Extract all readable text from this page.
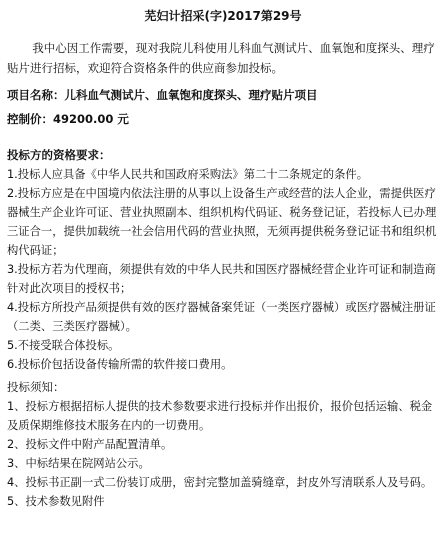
芜妇计招采(字)2017第29号
我中心因工作需要，现对我院儿科使用儿科血气测试片、血氧饱和度探头、理疗贴片进行招标，欢迎符合资格条件的供应商参加投标。
项目名称：儿科血气测试片、血氧饱和度探头、理疗贴片项目
控制价：49200.00 元
投标方的资格要求：

1.投标人应具备《中华人民共和国政府采购法》第二十二条规定的条件。

2.投标方应是在中国境内依法注册的从事以上设备生产或经营的法人企业，需提供医疗器械生产企业许可证、营业执照副本、组织机构代码证、税务登记证，若投标人已办理三证合一，提供加载统一社会信用代码的营业执照，无须再提供税务登记证书和组织机构代码证；

3.投标方若为代理商，须提供有效的中华人民共和国医疗器械经营企业许可证和制造商针对此次项目的授权书；

4.投标方所投产品须提供有效的医疗器械备案凭证（一类医疗器械）或医疗器械注册证（二类、三类医疗器械）。

5.不接受联合体投标。

6.投标价包括设备传输所需的软件接口费用。

投标须知：

1、投标方根据招标人提供的技术参数要求进行投标并作出报价，报价包括运输、税金及质保期维修技术服务在内的一切费用。

2、投标文件中附产品配置清单。

3、中标结果在院网站公示。

4、投标书正副一式二份装订成册，密封完整加盖骑缝章，封皮外写清联系人及号码。

5、技术参数见附件
